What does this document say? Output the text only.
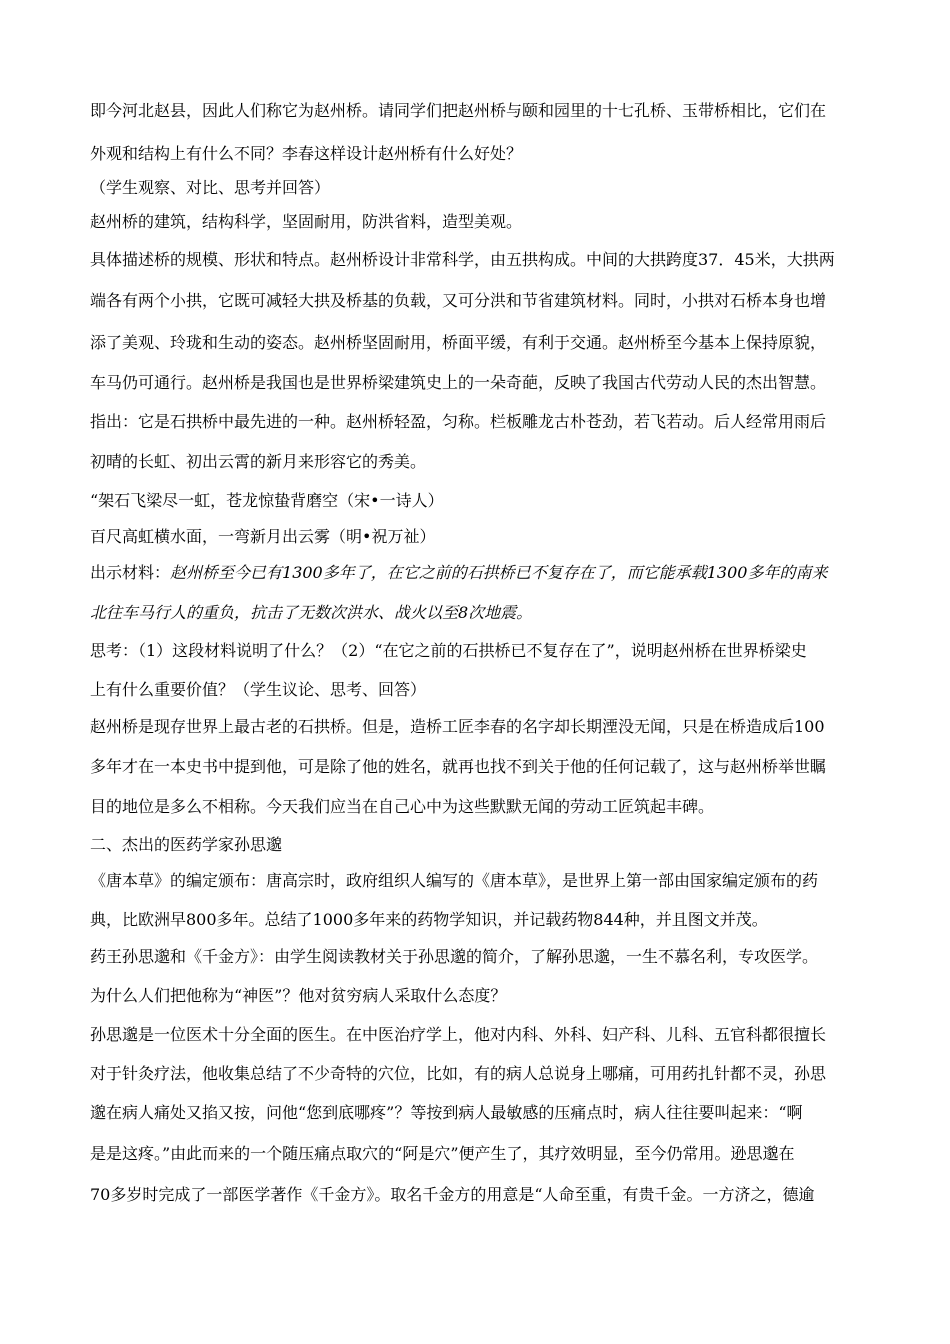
即今河北赵县，因此人们称它为赵州桥。请同学们把赵州桥与颐和园里的十七孔桥、玉带桥相比，它们在
外观和结构上有什么不同？李春这样设计赵州桥有什么好处？
（学生观察、对比、思考并回答）
赵州桥的建筑，结构科学，坚固耐用，防洪省料，造型美观。
具体描述桥的规模、形状和特点。赵州桥设计非常科学，由五拱构成。中间的大拱跨度37．45米，大拱两
端各有两个小拱，它既可减轻大拱及桥基的负载，又可分洪和节省建筑材料。同时，小拱对石桥本身也增
添了美观、玲珑和生动的姿态。赵州桥坚固耐用，桥面平缓，有利于交通。赵州桥至今基本上保持原貌，
车马仍可通行。赵州桥是我国也是世界桥梁建筑史上的一朵奇葩，反映了我国古代劳动人民的杰出智慧。
指出：它是石拱桥中最先进的一种。赵州桥轻盈，匀称。栏板雕龙古朴苍劲，若飞若动。后人经常用雨后
初晴的长虹、初出云霄的新月来形容它的秀美。
“架石飞梁尽一虹，苍龙惊蛰背磨空（宋•一诗人）
百尺高虹横水面，一弯新月出云雾（明•祝万祉）
出示材料：赵州桥至今已有1300多年了，在它之前的石拱桥已不复存在了，而它能承载1300多年的南来
北往车马行人的重负，抗击了无数次洪水、战火以至8次地震。
思考：（1）这段材料说明了什么？（2）“在它之前的石拱桥已不复存在了”，说明赵州桥在世界桥梁史
上有什么重要价值？（学生议论、思考、回答）
赵州桥是现存世界上最古老的石拱桥。但是，造桥工匠李春的名字却长期湮没无闻，只是在桥造成后100
多年才在一本史书中提到他，可是除了他的姓名，就再也找不到关于他的任何记载了，这与赵州桥举世瞩
目的地位是多么不相称。今天我们应当在自己心中为这些默默无闻的劳动工匠筑起丰碑。
二、杰出的医药学家孙思邈
《唐本草》的编定颁布：唐高宗时，政府组织人编写的《唐本草》，是世界上第一部由国家编定颁布的药
典，比欧洲早800多年。总结了1000多年来的药物学知识，并记载药物844种，并且图文并茂。
药王孙思邈和《千金方》：由学生阅读教材关于孙思邈的简介，了解孙思邈，一生不慕名利，专攻医学。
为什么人们把他称为“神医”？他对贫穷病人采取什么态度？
孙思邈是一位医术十分全面的医生。在中医治疗学上，他对内科、外科、妇产科、儿科、五官科都很擅长
对于针灸疗法，他收集总结了不少奇特的穴位，比如，有的病人总说身上哪痛，可用药扎针都不灵，孙思
邈在病人痛处又掐又按，问他“您到底哪疼”？等按到病人最敏感的压痛点时，病人往往要叫起来：“啊
是是这疼。”由此而来的一个随压痛点取穴的“阿是穴”便产生了，其疗效明显，至今仍常用。逊思邈在
70多岁时完成了一部医学著作《千金方》。取名千金方的用意是“人命至重，有贵千金。一方济之，德逾
